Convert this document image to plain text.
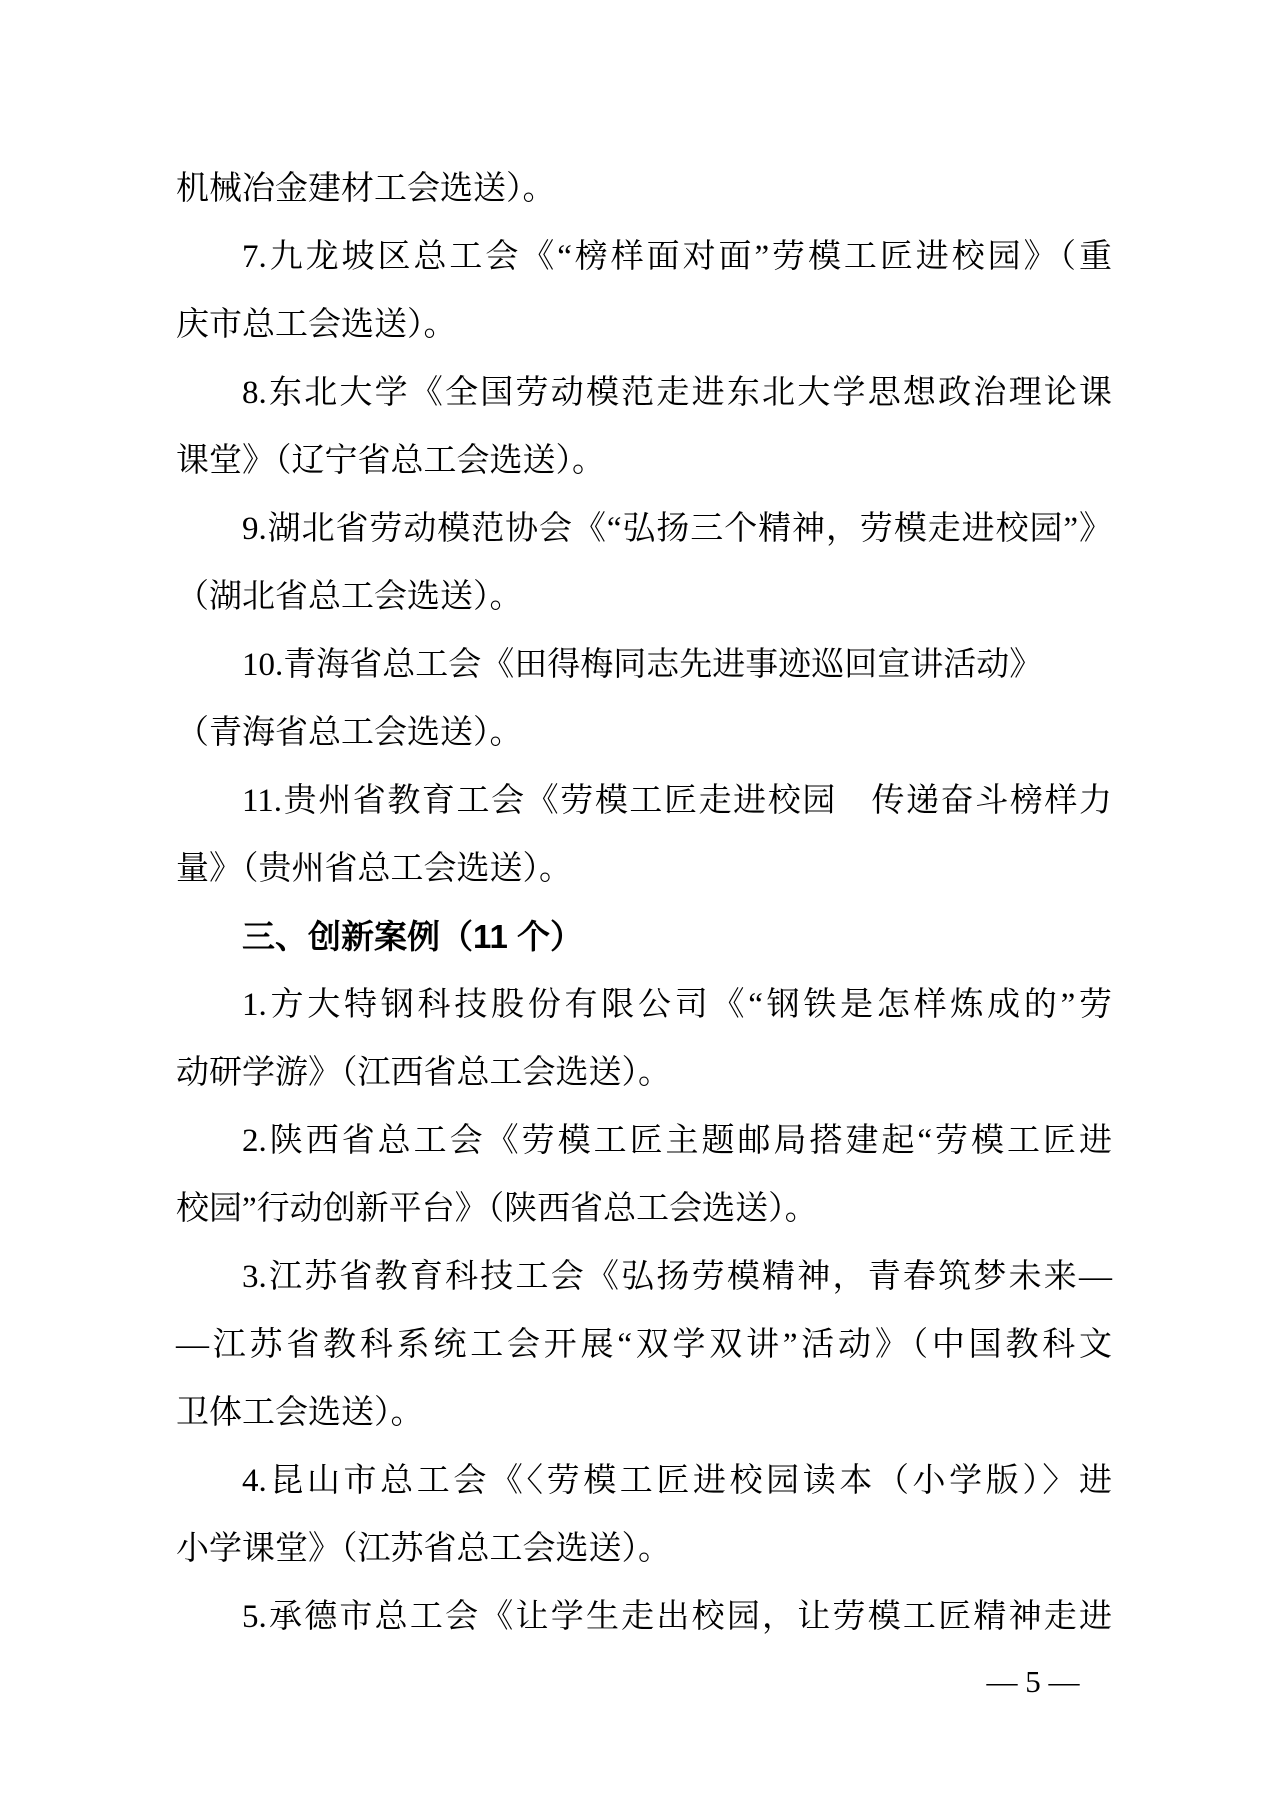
机械冶金建材工会选送）。
7.九龙坡区总工会《“榜样面对面”劳模工匠进校园》（重
庆市总工会选送）。
8.东北大学《全国劳动模范走进东北大学思想政治理论课
课堂》（辽宁省总工会选送）。
9.湖北省劳动模范协会《“弘扬三个精神，劳模走进校园”》
（湖北省总工会选送）。
10.青海省总工会《田得梅同志先进事迹巡回宣讲活动》
（青海省总工会选送）。
11.贵州省教育工会《劳模工匠走进校园　传递奋斗榜样力
量》（贵州省总工会选送）。
三、创新案例（11 个）
1.方大特钢科技股份有限公司《“钢铁是怎样炼成的”劳
动研学游》（江西省总工会选送）。
2.陕西省总工会《劳模工匠主题邮局搭建起“劳模工匠进
校园”行动创新平台》（陕西省总工会选送）。
3.江苏省教育科技工会《弘扬劳模精神，青春筑梦未来—
—江苏省教科系统工会开展“双学双讲”活动》（中国教科文
卫体工会选送）。
4.昆山市总工会《〈劳模工匠进校园读本（小学版）〉进
小学课堂》（江苏省总工会选送）。
5.承德市总工会《让学生走出校园，让劳模工匠精神走进
— 5 —
